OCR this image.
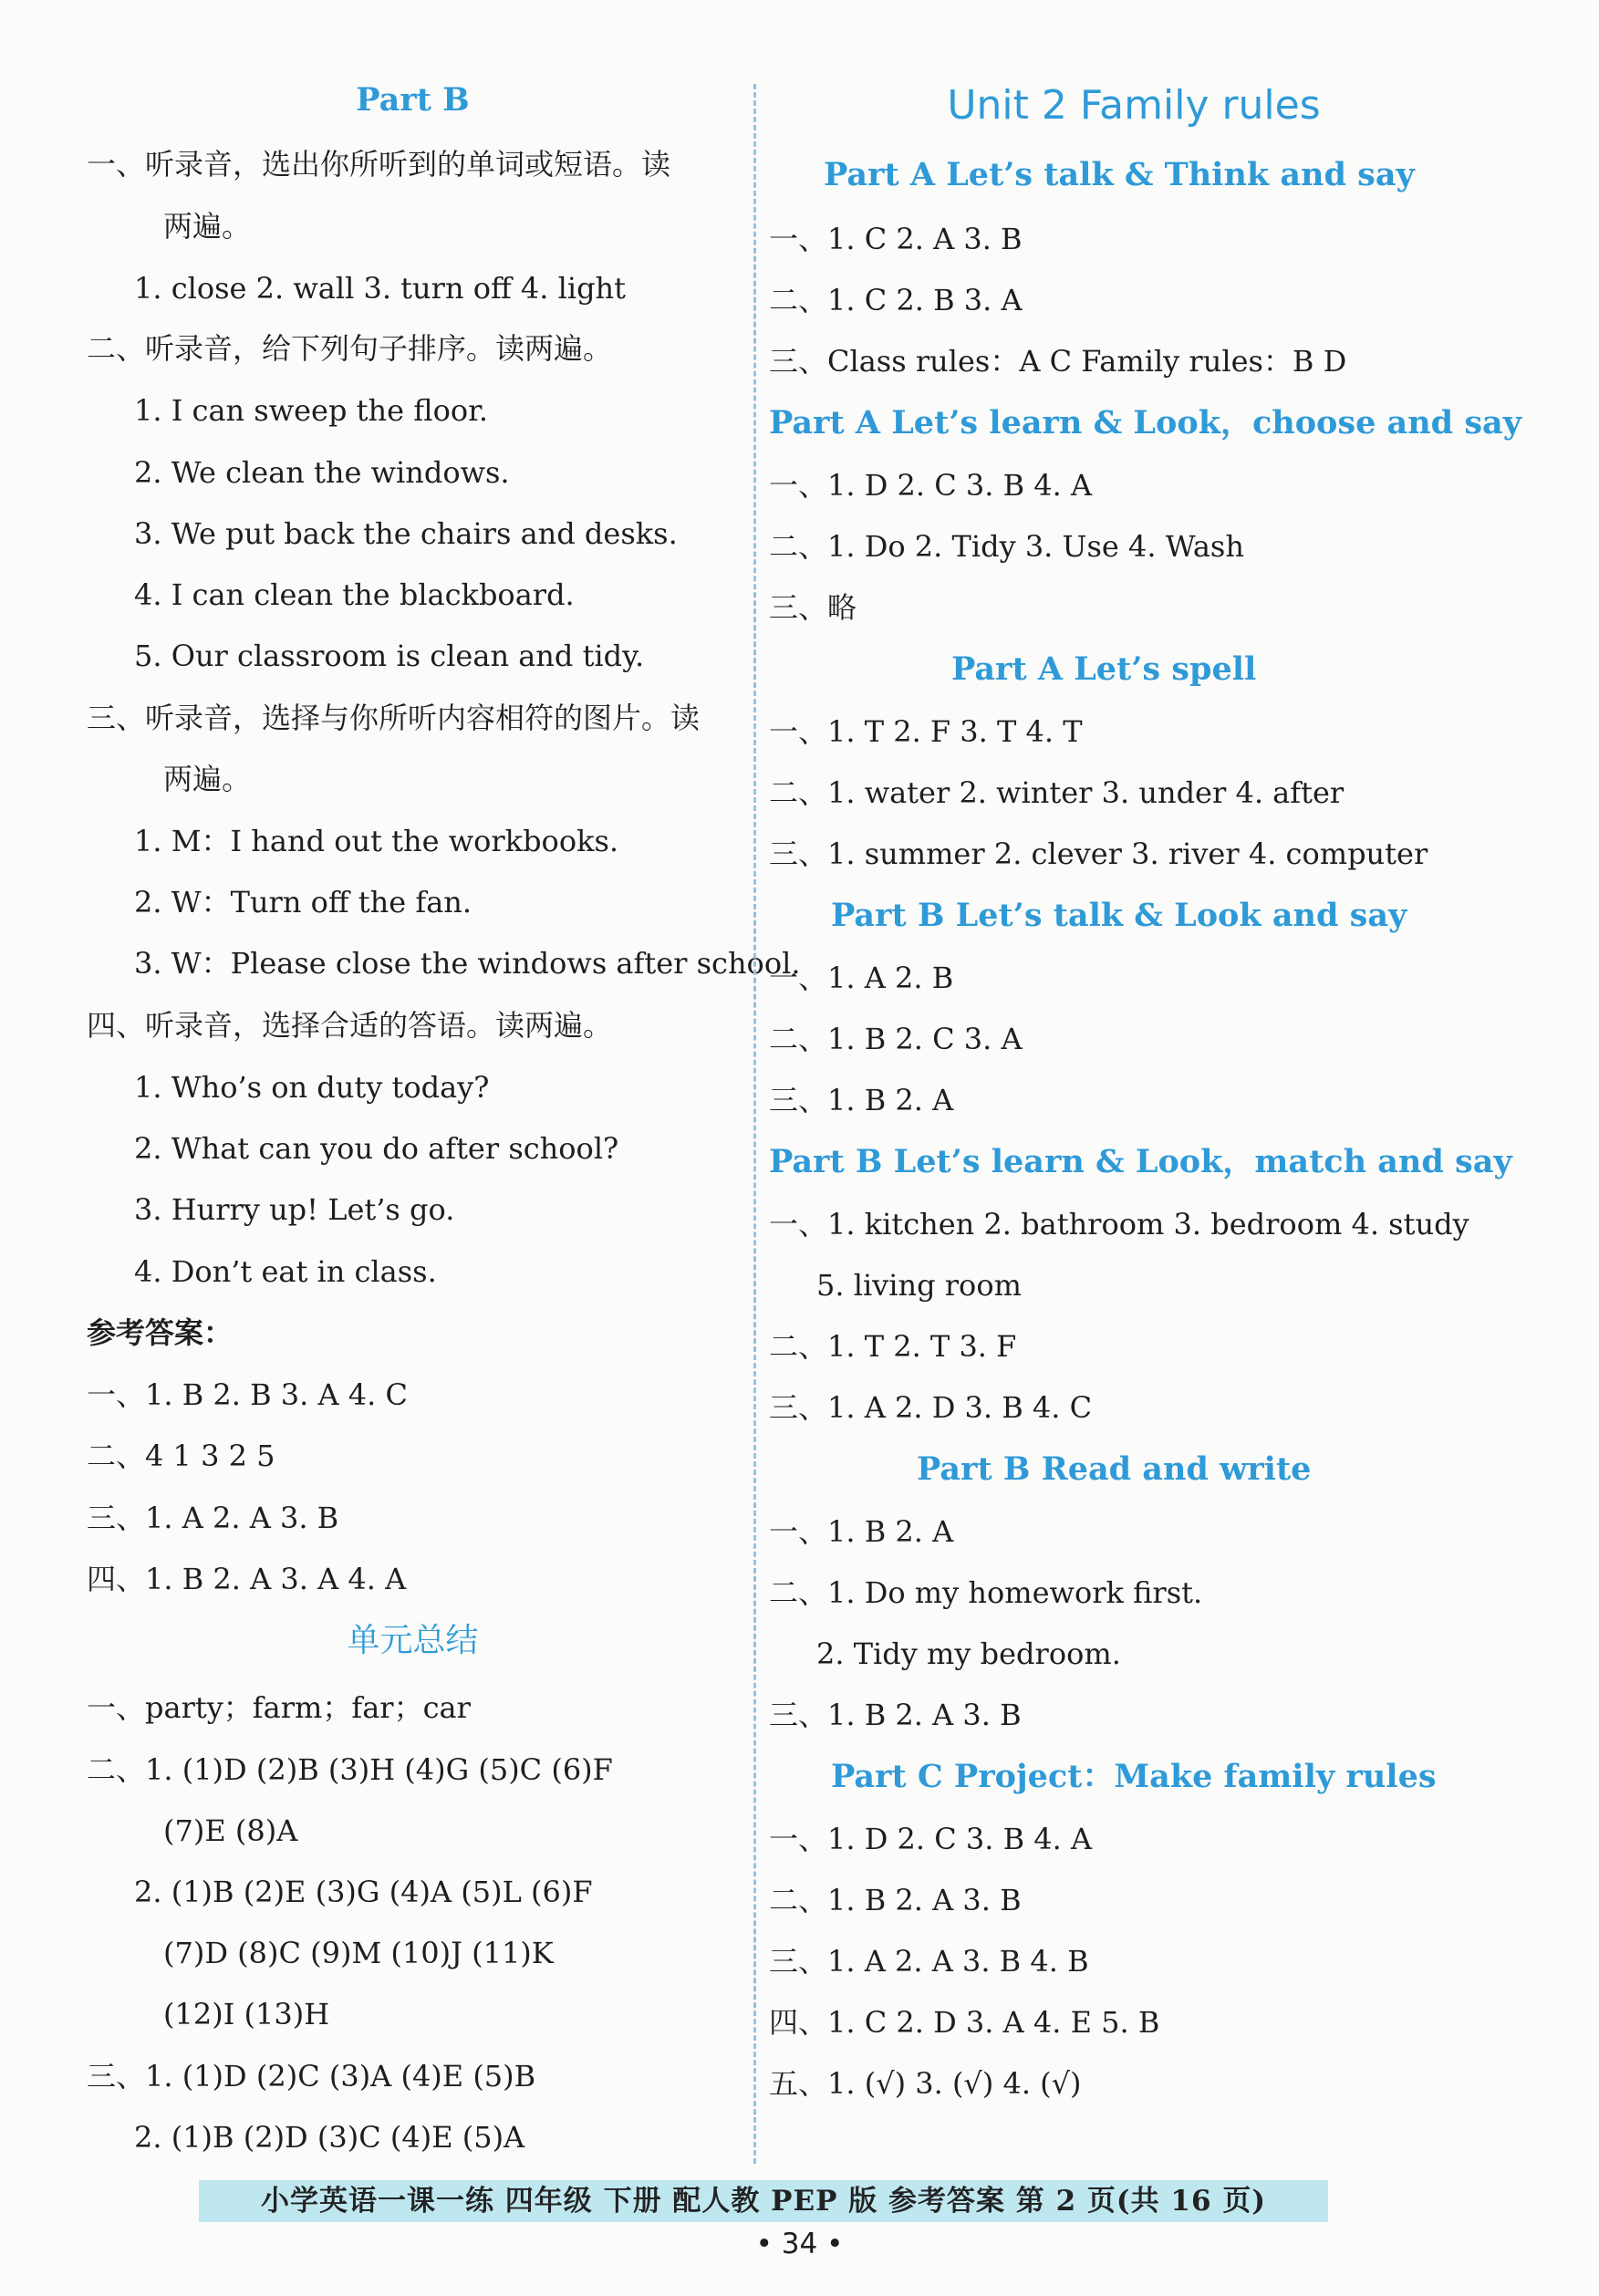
Part B
一、听录音，选出你所听到的单词或短语。读
两遍。
1. close 2. wall 3. turn off 4. light
二、听录音，给下列句子排序。读两遍。
1. I can sweep the floor.
2. We clean the windows.
3. We put back the chairs and desks.
4. I can clean the blackboard.
5. Our classroom is clean and tidy.
三、听录音，选择与你所听内容相符的图片。读
两遍。
1. M：I hand out the workbooks.
2. W：Turn off the fan.
3. W：Please close the windows after school.
四、听录音，选择合适的答语。读两遍。
1. Who’s on duty today?
2. What can you do after school?
3. Hurry up! Let’s go.
4. Don’t eat in class.
参考答案：
一、1. B 2. B 3. A 4. C
二、4 1 3 2 5
三、1. A 2. A 3. B
四、1. B 2. A 3. A 4. A
单元总结
一、party；farm；far；car
二、1. (1)D (2)B (3)H (4)G (5)C (6)F
(7)E (8)A
2. (1)B (2)E (3)G (4)A (5)L (6)F
(7)D (8)C (9)M (10)J (11)K
(12)I (13)H
三、1. (1)D (2)C (3)A (4)E (5)B
2. (1)B (2)D (3)C (4)E (5)A
Unit 2 Family rules
Part A Let’s talk & Think and say
一、1. C 2. A 3. B
二、1. C 2. B 3. A
三、Class rules：A C Family rules：B D
Part A Let’s learn & Look，choose and say
一、1. D 2. C 3. B 4. A
二、1. Do 2. Tidy 3. Use 4. Wash
三、略
Part A Let’s spell
一、1. T 2. F 3. T 4. T
二、1. water 2. winter 3. under 4. after
三、1. summer 2. clever 3. river 4. computer
Part B Let’s talk & Look and say
一、1. A 2. B
二、1. B 2. C 3. A
三、1. B 2. A
Part B Let’s learn & Look，match and say
一、1. kitchen 2. bathroom 3. bedroom 4. study
5. living room
二、1. T 2. T 3. F
三、1. A 2. D 3. B 4. C
Part B Read and write
一、1. B 2. A
二、1. Do my homework first.
2. Tidy my bedroom.
三、1. B 2. A 3. B
Part C Project：Make family rules
一、1. D 2. C 3. B 4. A
二、1. B 2. A 3. B
三、1. A 2. A 3. B 4. B
四、1. C 2. D 3. A 4. E 5. B
五、1. (√) 3. (√) 4. (√)
小学英语一课一练 四年级 下册 配人教 PEP 版 参考答案 第 2 页(共 16 页)
• 34 •
